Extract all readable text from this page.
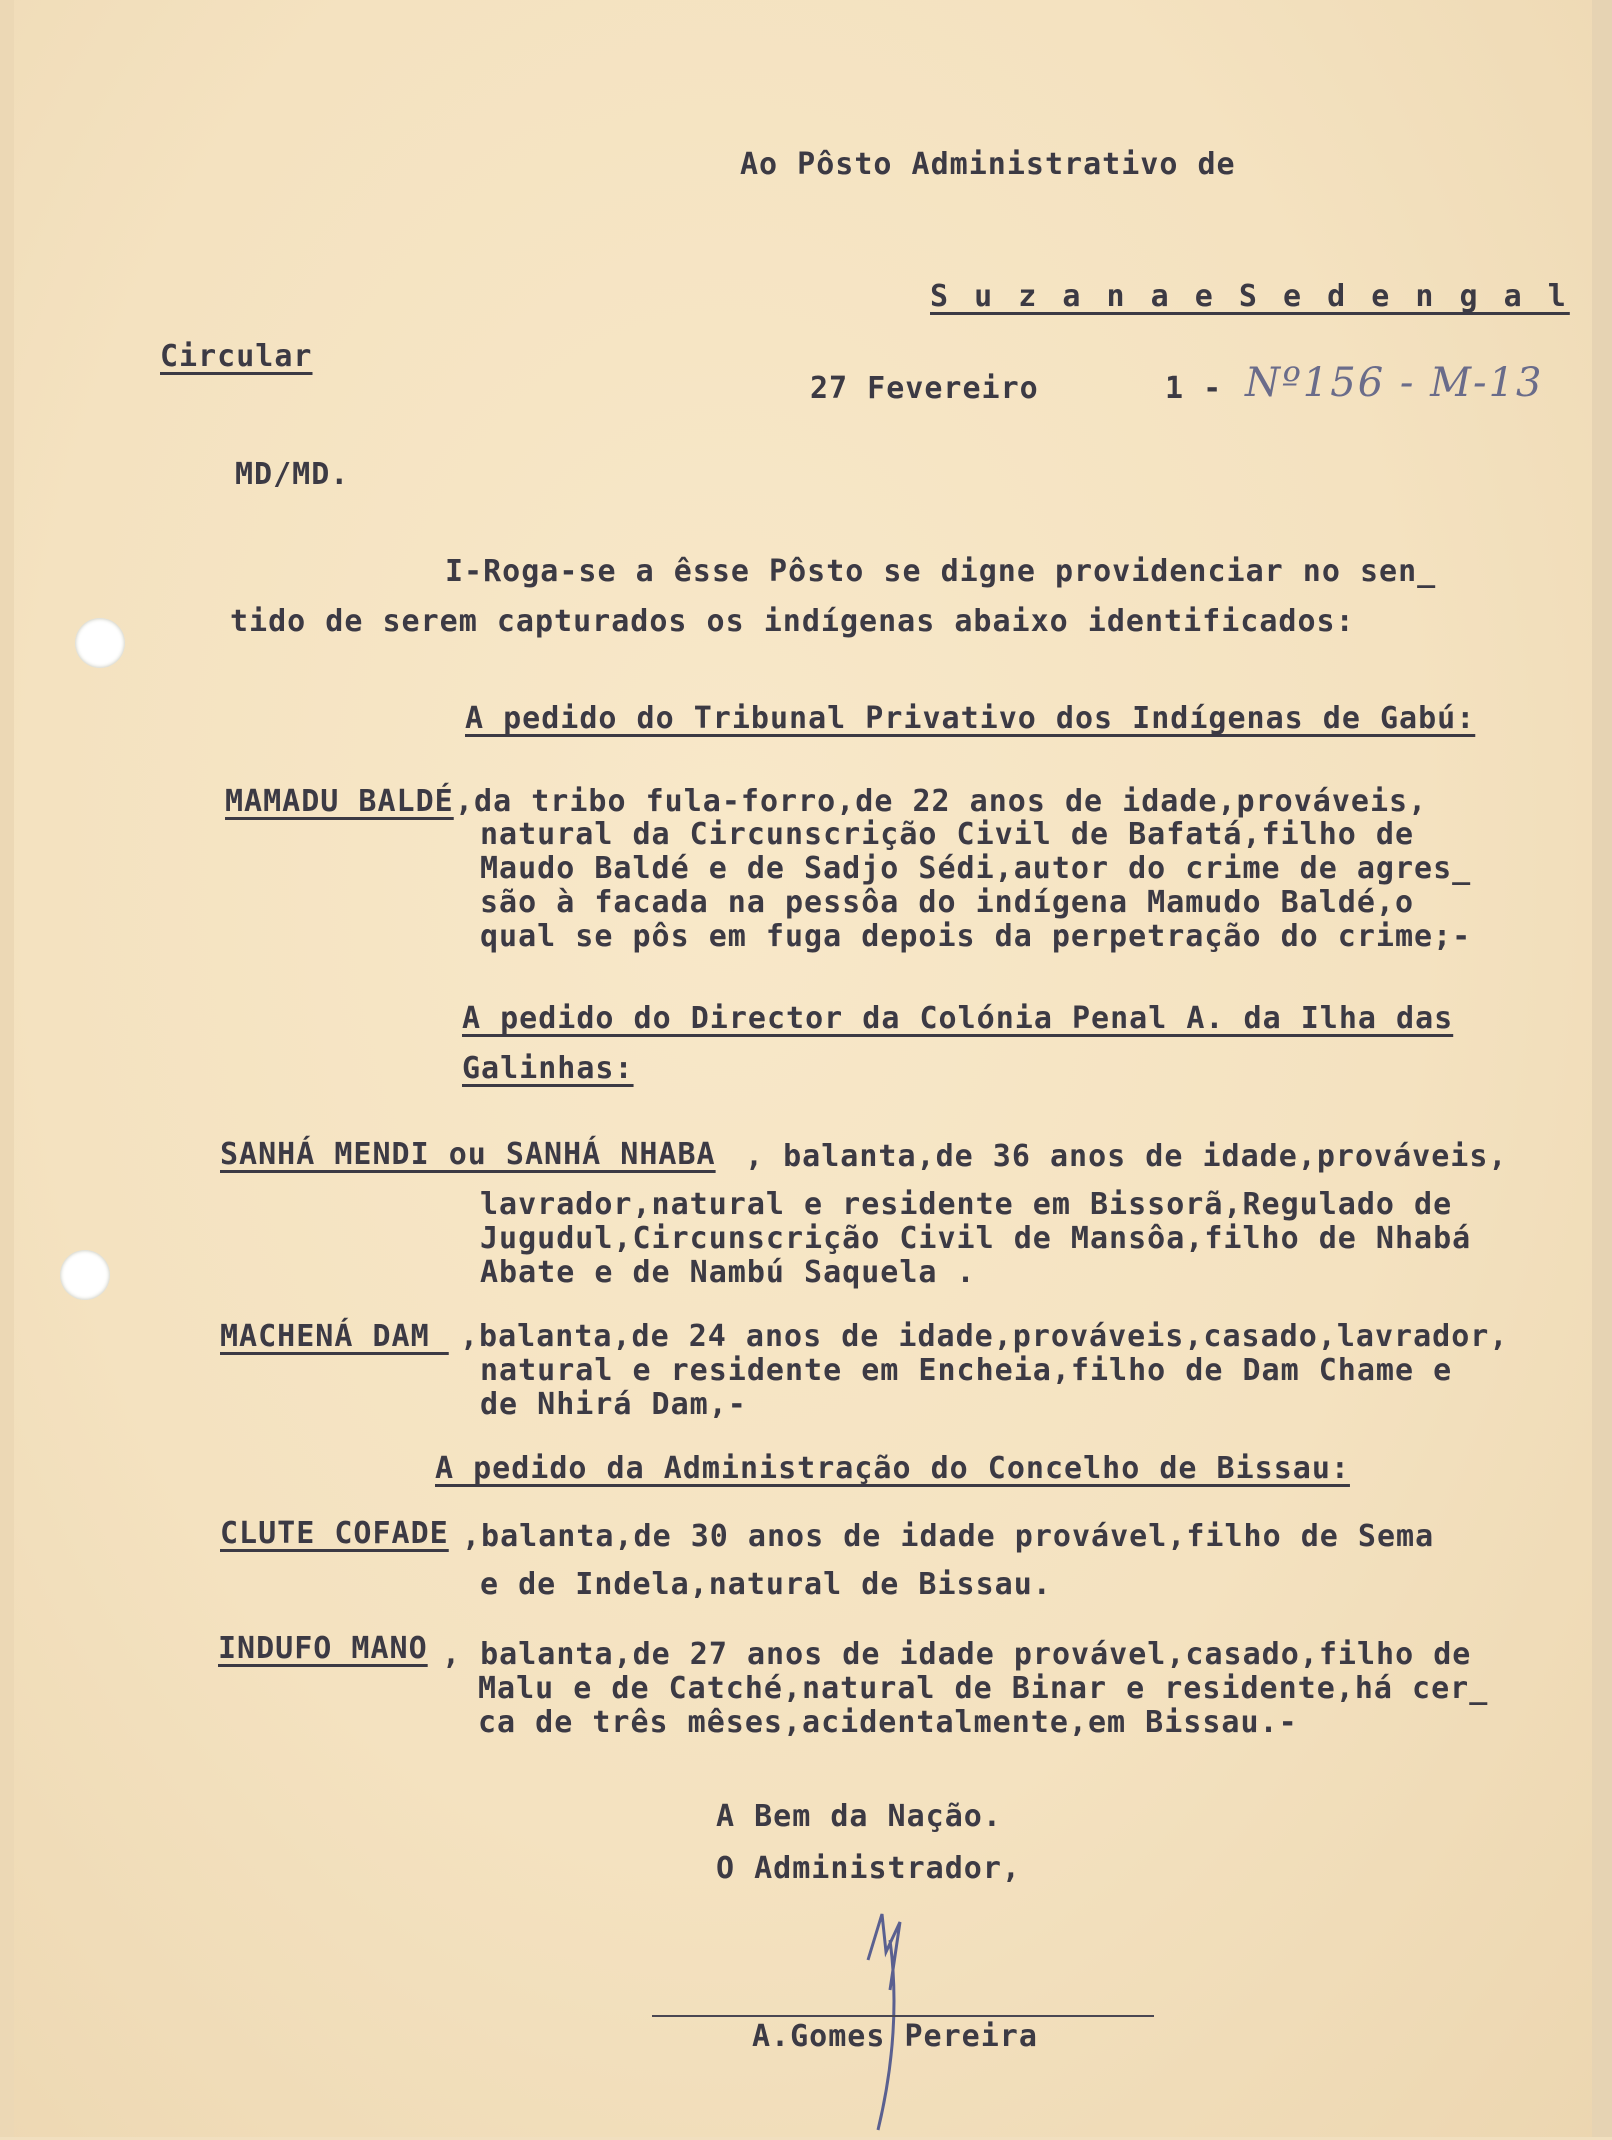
Ao Pôsto Administrativo de
S u z a n a e S e d e n g a l
Circular
27 Fevereiro	1 - Nº156 - M-13
MD/MD.
I-Roga-se a êsse Pôsto se digne providenciar no sen_
tido de serem capturados os indígenas abaixo identificados:
A pedido do Tribunal Privativo dos Indígenas de Gabú:
MAMADU BALDÉ ,da tribo fula-forro,de 22 anos de idade,prováveis,
natural da Circunscrição Civil de Bafatá,filho de
Maudo Baldé e de Sadjo Sédi,autor do crime de agres_
são à facada na pessôa do indígena Mamudo Baldé,o
qual se pôs em fuga depois da perpetração do crime;-
A pedido do Director da Colónia Penal A. da Ilha das
Galinhas:
SANHÁ MENDI ou SANHÁ NHABA , balanta,de 36 anos de idade,prováveis,
lavrador,natural e residente em Bissorã,Regulado de
Jugudul,Circunscrição Civil de Mansôa,filho de Nhabá
Abate e de Nambú Saquela .
MACHENÁ DAM ,balanta,de 24 anos de idade,prováveis,casado,lavrador,
natural e residente em Encheia,filho de Dam Chame e
de Nhirá Dam,-
A pedido da Administração do Concelho de Bissau:
CLUTE COFADE ,balanta,de 30 anos de idade provável,filho de Sema
e de Indela,natural de Bissau.
INDUFO MANO , balanta,de 27 anos de idade provável,casado,filho de
Malu e de Catché,natural de Binar e residente,há cer_
ca de três mêses,acidentalmente,em Bissau.-
A Bem da Nação.
O Administrador,
A.Gomes Pereira
